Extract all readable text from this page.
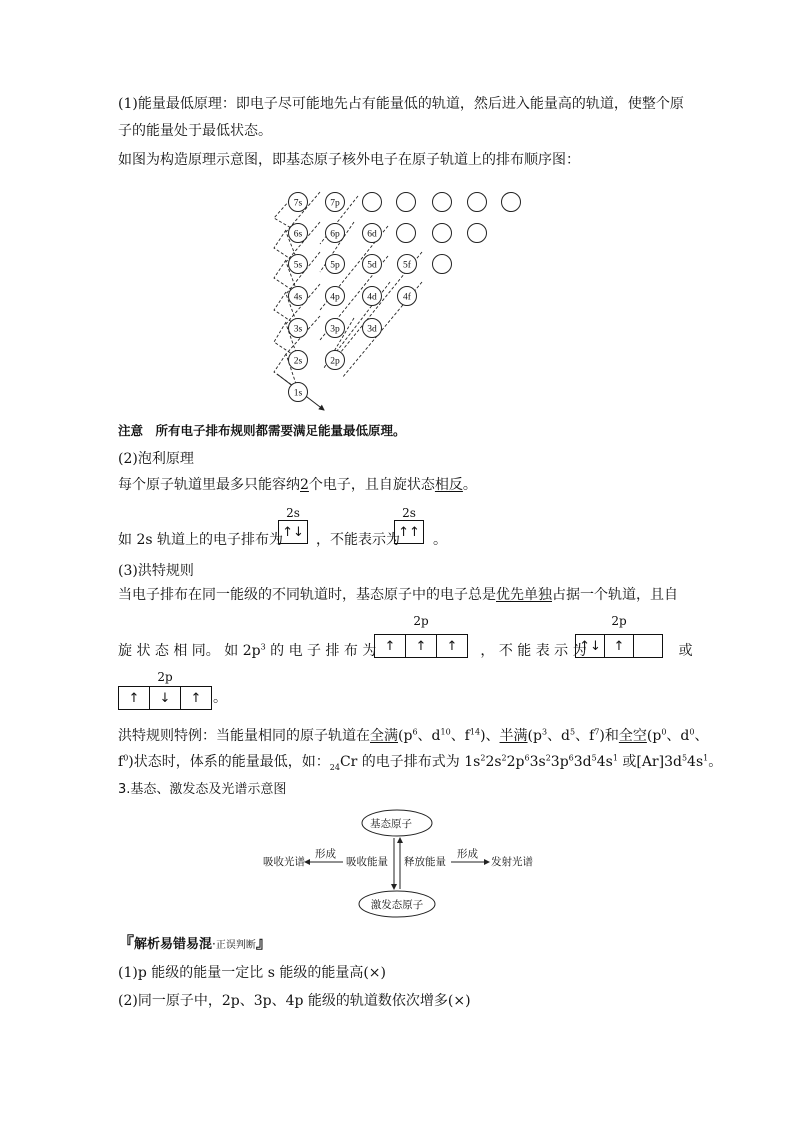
(1)能量最低原理：即电子尽可能地先占有能量低的轨道，然后进入能量高的轨道，使整个原
子的能量处于最低状态。
如图为构造原理示意图，即基态原子核外电子在原子轨道上的排布顺序图：
7s	7p
6s	6p	6d
5s	5p	5d	5f
4s	4p	4d	4f
3s	3p	3d
2s	2p
1s
注意　所有电子排布规则都需要满足能量最低原理。
(2)泡利原理
每个原子轨道里最多只能容纳2个电子，且自旋状态相反。
如 2s 轨道上的电子排布为 ，不能表示为 。
2s
↑↓
2s
↑↑
(3)洪特规则
当电子排布在同一能级的不同轨道时，基态原子中的电子总是优先单独占据一个轨道，且自
旋 状 态 相 同。 如 $2p^3$ 的 电 子 排 布 为	， 不 能 表 示 为	或
2p
↑ ↑ ↑
2p
↑↓ ↑
2p
↑ ↓ ↑ 。
洪特规则特例：当能量相同的原子轨道在全满($p^6$、$d^{10}$、$f^{14}$)、半满($p^3$、$d^5$、$f^7$)和全空($p^0$、$d^0$、
$f^0$)状态时，体系的能量最低，如：$_{24}$Cr 的电子排布式为 $1s^22s^22p^63s^23p^63d^54s^1$ 或$[Ar]3d^54s^1$。
3.基态、激发态及光谱示意图
基态原子
激发态原子
吸收光谱
形成
吸收能量 释放能量
形成
发射光谱
『解析易错易混·正误判断』
(1)p 能级的能量一定比 s 能级的能量高(×)
(2)同一原子中，2p、3p、4p 能级的轨道数依次增多(×)
